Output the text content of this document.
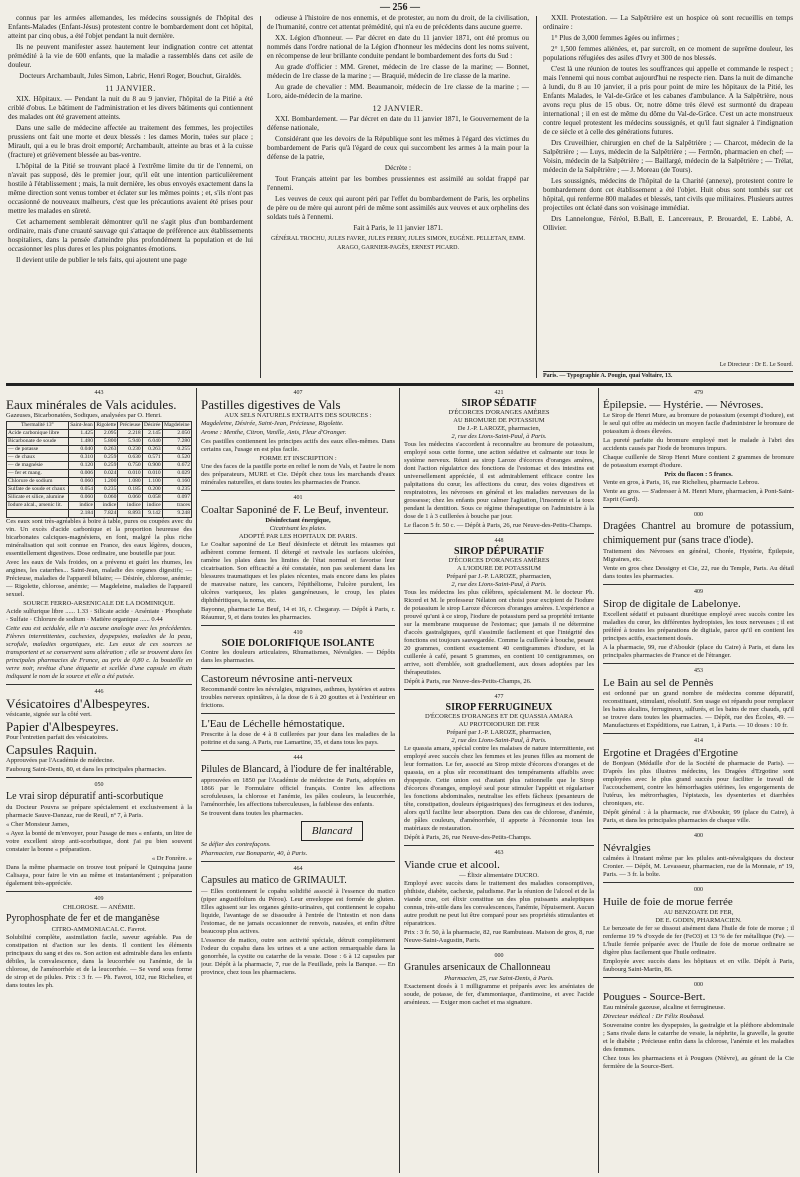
— 256 —

connus par les armées allemandes, les médecins soussignés de l'hôpital des Enfants-Malades (Enfant-Jésus) protestent contre le bombardement dont cet hôpital, atteint par cinq obus, a été l'objet pendant la nuit dernière.

Ils ne peuvent manifester assez hautement leur indignation contre cet attentat prémédité à la vie de 600 enfants, que la maladie a rassemblés dans cet asile de douleur.

Docteurs Archambault, Jules Simon, Labric, Henri Roger, Bouchut, Giraldès.

11 JANVIER.

XIX. Hôpitaux. — Pendant la nuit du 8 au 9 janvier, l'hôpital de la Pitié a été criblé d'obus. Le bâtiment de l'administration et les divers bâtiments qui contiennent des malades ont été gravement atteints.

Dans une salle de médecine affectée au traitement des femmes, les projectiles prussiens ont fait une morte et deux blessés : les dames Morin, tuées sur place ; Mirault, qui a eu le bras droit emporté; Archambault, atteinte au bras et à la cuisse (fracture) et grièvement blessée au bas-ventre.

L'hôpital de la Pitié se trouvant placé à l'extrême limite du tir de l'ennemi, on n'avait pas supposé, dès le premier jour, qu'il eût une intention particulièrement hostile à l'établissement ; mais, la nuit dernière, les obus envoyés exactement dans la même direction sont venus tomber et éclater sur les mêmes points ; et, s'ils n'ont pas occasionné de nouveaux malheurs, c'est que les précautions avaient été prises pour mettre les malades en sûreté.

Cet acharnement semblerait démontrer qu'il ne s'agit plus d'un bombardement ordinaire, mais d'une cruauté sauvage qui s'attaque de préférence aux établissements hospitaliers, dans la pensée d'atteindre plus profondément la population et de lui occasionner les plus dures et les plus poignantes émotions.

Il devient utile de publier le tels faits, qui ajoutent une page

odieuse à l'histoire de nos ennemis, et de protester, au nom du droit, de la civilisation, de l'humanité, contre cet attentat prémédité, qui n'a eu de précédents dans aucune guerre.

XX. Légion d'honneur. — Par décret en date du 11 janvier 1871, ont été promus ou nommés dans l'ordre national de la Légion d'honneur les médecins dont les noms suivent, en récompense de leur brillante conduite pendant le bombardement des forts du Sud :

Au grade d'officier : MM. Grenet, médecin de 1re classe de la marine; — Bonnet, médecin de 1re classe de la marine ; — Braquié, médecin de 1re classe de la marine.

Au grade de chevalier : MM. Beaumanoir, médecin de 1re classe de la marine ; — Loro, aide-médecin de la marine.

12 JANVIER.

XXI. Bombardement. — Par décret en date du 11 janvier 1871, le Gouvernement de la défense nationale,

Considérant que les devoirs de la République sont les mêmes à l'égard des victimes du bombardement de Paris qu'à l'égard de ceux qui succombent les armes à la main pour la défense de la patrie,

Décrète :

Tout Français atteint par les bombes prussiennes est assimilé au soldat frappé par l'ennemi.

Les veuves de ceux qui auront péri par l'effet du bombardement de Paris, les orphelins de père ou de mère qui auront péri de même sont assimilés aux veuves et aux orphelins des soldats tués à l'ennemi.

Fait à Paris, le 11 janvier 1871.

GÉNÉRAL TROCHU, JULES FAVRE, JULES FERRY, JULES SIMON, EUGÈNE. PELLETAN, EMM. ARAGO, GARNIER-PAGÈS, ERNEST PICARD.

XXII. Protestation. — La Salpêtrière est un hospice où sont recueillis en temps ordinaire :

1° Plus de 3,000 femmes âgées ou infirmes ;

2° 1,500 femmes aliénées, et, par surcroît, en ce moment de suprême douleur, les populations réfugiées des asiles d'Ivry et 300 de nos blessés.

C'est là une réunion de toutes les souffrances qui appelle et commande le respect ; mais l'ennemi qui nous combat aujourd'hui ne respecte rien. Dans la nuit de dimanche à lundi, du 8 au 10 janvier, il a pris pour point de mire les hôpitaux de la Pitié, les Enfants Malades, le Val-de-Grâce et les cabanes d'ambulance. A la Salpêtrière, nous avons reçu plus de 15 obus. Or, notre dôme très élevé est surmonté du drapeau international ; il en est de même du dôme du Val-de-Grâce. C'est un acte monstrueux contre lequel protestent les médecins soussignés, et qu'il faut signaler à l'indignation de ce siècle et à celle des générations futures.

Drs Cruveilhier, chirurgien en chef de la Salpêtrière ; — Charcot, médecin de la Salpêtrière ; — Luys, médecin de la Salpêtrière ; — Fermôn, pharmacien en chef; — Voisin, médecin de la Salpêtrière ; — Baillargé, médecin de la Salpêtrière ; — Trélat, médecin de la Salpêtrière ; — J. Moreau (de Tours).

Les soussignés, médecins de l'hôpital de la Charité (annexe), protestent contre le bombardement dont cet établissement a été l'objet. Huit obus sont tombés sur cet hôpital, qui renferme 800 malades et blessés, tant civils que militaires. Plusieurs autres projectiles ont éclaté dans son voisinage immédiat.

Drs Lannelongue, Féréol, B.Ball, E. Lancereaux, P. Brouardel, E. Labbé, A. Ollivier.

Le Directeur : Dr E. Le Sourd.
Paris. — Typographie A. Pougin, quai Voltaire, 13.
443
Eaux minérales de Vals acidules.

Gazeuses, Bicarbonatées, Sodiques, analysées par O. Henri.

Thermalité 13°	Saint-Jean	Rigolette	Précieuse	Désirée	Magdeleine
Acide carbonique libre	1.425	2.095	2.218	2.145	2.050
Bicarbonate de soude	1.480	5.800	5.940	6.040	7.280
— de potasse	0.040	0.263	0.230	0.263	0.255
— de chaux	0.310	0.259	0.630	0.571	0.520
— de magnésie	0.120	0.259	0.750	0.900	0.672
— fer et mang.	0.006	0.024	0.010	0.010	0.029
Chlorure de sodium	0.060	1.200	1.080	1.100	0.160
Sulfate de soude et chaux	0.054	0.235	0.185	0.200	0.235
Silicate et silice, alumine	0.060	0.060	0.060	0.058	0.097
Iodure alcal., arsenic lit.	indice	indice	indice	indice	traces
	2.184	7.824	8.893	9.142	9.248

Ces eaux sont très-agréables à boire à table, pures ou coupées avec du vin. Un excès d'acide carbonique et la proportion heureuse des bicarbonates calciques-magnésiens, en font, malgré la plus riche minéralisation qui soit connue en France, des eaux légères, douces, essentiellement digestives. Dose ordinaire, une bouteille par jour.

Avec les eaux de Vals froides, on a prévenu et guéri les rhumes, les angines, les catarrhes... Saint-Jean, maladie des organes digestifs; — Précieuse, maladies de l'appareil biliaire; — Désirée, chlorose, anémie; — Rigolette, chlorose, anémie; — Magdeleine, maladies de l'appareil sexuel.

SOURCE FERRO-ARSENICALE DE LA DOMINIQUE.

Acide sulfurique libre ...... 1.33 · Silicate acide · Arséniate · Phosphate · Sulfate · Chlorure de sodium · Matière organique ...... 0.44

Cette eau est acidulée, elle n'a aucune analogie avec les précédentes. Fièvres intermittentes, cachexies, dyspepsies, maladies de la peau, scrofule, maladies organiques, etc. Les eaux de ces sources se transportent et se conservent sans altération ; elle se trouvent dans les principales pharmacies de France, au prix de 0,80 c. la bouteille en verre noir, revêtue d'une étiquette et scellée d'une capsule en étain indiquant le nom de la source et elle a été puisée.

446
Vésicatoires d'Albespeyres.

vésicante, signée sur la côté vert.

Papier d'Albespeyres.

Pour l'entretien parfait des vésicatoires.

Capsules Raquin.

Approuvées par l'Académie de médecine.

Faubourg Saint-Denis, 80, et dans les principales pharmacies.

050
Le vrai sirop dépuratif anti-scorbutique

du Docteur Pouvra se prépare spécialement et exclusivement à la pharmacie Sauve-Danzaz, rue de Reuil, nº 7, à Paris.

« Cher Monsieur James,

« Ayez la bonté de m'envoyer, pour l'usage de mes « enfants, un litre de votre excellent sirop anti-scorbutique, dont j'ai pu bien souvent constater la bonne « préparation.

« Dr Fonrère. »

Dans la même pharmacie on trouve tout préparé le Quinquina jaune Calisaya, pour faire le vin au même et instantanément ; préparation également très-appréciée.

409
CHLOROSE. — ANÉMIE.
Pyrophosphate de fer et de manganèse
CITRO-AMMONIACAL C. Favrot.

Solubilité complète, assimilation facile, saveur agréable. Pas de constipation ni d'action sur les dents. Il contient les éléments principaux du sang et des os. Son action est admirable dans les enfants débiles, la convalescence, dans la leucorrhée ou l'anémie, de la chlorose, de l'aménorrhée et de la leucorrhée. — Se vend sous forme de sirop et de pilules. Prix : 3 fr. — Ph. Favrot, 102, rue Richelieu, et dans toutes les ph.

407
Pastilles digestives de Vals
AUX SELS NATURELS EXTRAITS DES SOURCES :

Magdeleine, Désirée, Saint-Jean, Précieuse, Rigolette.

Arome : Menthe, Citron, Vanille, Anis, Fleur d'Oranger.

Ces pastilles contiennent les principes actifs des eaux elles-mêmes. Dans certains cas, l'usage en est plus facile.

FORME ET INSCRIPTION :

Une des faces de la pastille porte en relief le nom de Vals, et l'autre le nom des préparateurs, MURE et Cie. Dépôt chez tous les marchands d'eaux minérales naturelles, et dans toutes les pharmacies de France.

401
Coaltar Saponiné de F. Le Beuf, inventeur.
Désinfectant énergique,
Cicatrisant les plaies.
ADOPTÉ PAR LES HOPITAUX DE PARIS.

Le Coaltar saponiné de Le Beuf désinfecte et détruit les miasmes qui adhèrent comme ferment. Il détergé et ravivale les surfaces ulcérées, ramène les plaies dans les limites de l'état normal et favorise leur cicatrisation. Son efficacité a été constatée, non pas seulement dans les blessures traumatiques et les plaies récentes, mais encore dans les plaies de mauvaise nature, les cancers, l'épithéliome, l'ulcère purulent, les ulcères variqueux, les plaies gangréneuses, le croup, les plaies diphthéritiques, la noma, etc.

Bayonne, pharmacie Le Beuf, 14 et 16, r. Chegaray. — Dépôt à Paris, r. Réaumur, 9, et dans toutes les pharmacies.

410
SOIE DOLORIFIQUE ISOLANTE

Contre les douleurs articulaires, Rhumatismes, Névralgies. — Dépôts dans les pharmacies.

Castoreum névrosine anti-nerveux

Recommandé contre les névralgies, migraines, asthmes, hystéries et autres troubles nerveux opiniâtres, à la dose de 6 à 20 gouttes et à l'extérieur en frictions.

L'Eau de Léchelle hémostatique.

Prescrite à la dose de 4 à 8 cuillerées par jour dans les maladies de la poitrine et du sang. A Paris, rue Lamartine, 35, et dans tous les pays.

444
Pilules de Blancard, à l'iodure de fer inaltérable,

approuvées en 1850 par l'Académie de médecine de Paris, adoptées en 1866 par le Formulaire officiel français. Contre les affections scrofuleuses, la chlorose et l'anémie, les pâles couleurs, la leucorrhée, l'aménorrhée, les affections tuberculeuses, la faiblesse des enfants.

Se trouvent dans toutes les pharmacies.

Blancard

Se défier des contrefaçons.

Pharmacien, rue Bonaparte, 40, à Paris.

464
Capsules au matico de GRIMAULT.

— Elles contiennent le copahu solidifié associé à l'essence du matico (piper angustifolium du Pérou). Leur enveloppe est formée de gluten. Elles agissent sur les organes génito-urinaires, qui contiennent le copahu liquide, l'avantage de se dissoudre à l'entrée de l'intestin et non dans l'estomac, de ne jamais occasionner de renvois, nausées, et enfin d'être beaucoup plus actives.

L'essence de matico, outre son activité spéciale, détruit complètement l'odeur du copahu dans les urines et a une action remarquable dans la gonorrhée, la cystite ou catarrhe de la vessie. Dose : 6 à 12 capsules par jour. Dépôt à la pharmacie, 7, rue de la Feuillade, près la Banque. — En province, chez tous les pharmaciens.

421
SIROP SÉDATIF
D'ÉCORCES D'ORANGES AMÈRES
AU BROMURE DE POTASSIUM
De J.-P. LAROZE, pharmacien,
2, rue des Lions-Saint-Paul, à Paris.

Tous les médecins s'accordent à reconnaître au bromure de potassium, employé sous cette forme, une action sédative et calmante sur tous le système nerveux. Réuni au sirop Laroze d'écorces d'oranges amères, dont l'action régulatrice des fonctions de l'estomac et des intestins est universellement appréciée, il est admirablement efficace contre les palpitations du cœur, les affections du cœur, des voies digestives et respiratoires, les névroses en général et les maladies nerveuses de la grossesse; chez les enfants pour calmer l'agitation, l'insomnie et la toux pendant la dentition. Sous ce régime thérapeutique on l'administre à la dose de 1 à 3 cuillerées à bouche par jour.

Le flacon 5 fr. 50 c. — Dépôt à Paris, 26, rue Neuve-des-Petits-Champs.

448
SIROP DÉPURATIF
D'ÉCORCES D'ORANGES AMÈRES
A L'IODURE DE POTASSIUM
Préparé par J.-P. LAROZE, pharmacien,
2, rue des Lions-Saint-Paul, à Paris.

Tous les médecins les plus célèbres, spécialement M. le docteur Ph. Ricord et M. le professeur Nélaton ont choisi pour excipient de l'iodure de potassium le sirop Laroze d'écorces d'oranges amères. L'expérience a prouvé qu'uni à ce sirop, l'iodure de potassium perd sa propriété irritante sur la membrane muqueuse de l'estomac; que jamais il ne détermine d'accès gastralgiques, qu'il s'assimile facilement et que l'intégrité des fonctions est toujours sauvegardée. Comme la cuillerée à bouche, pesant 20 grammes, contient exactement 40 centigrammes d'iodure, et la cuillerée à café, pesant 5 grammes, en contient 10 centigrammes, on arrive, soit d'emblée, soit graduellement, aux doses adoptées par les thérapeutistes.

Dépôt à Paris, rue Neuve-des-Petits-Champs, 26.

477
SIROP FERRUGINEUX
D'ÉCORCES D'ORANGES ET DE QUASSIA AMARA
AU PROTOIODURE DE FER
Préparé par J.-P. LAROZE, pharmacien,
2, rue des Lions-Saint-Paul, à Paris.

Le quassia amara, spécial contre les malaises de nature intermittente, est employé avec succès chez les femmes et les jeunes filles au moment de leur formation. Le fer, associé au Sirop mixte d'écorces d'oranges et de quassia, en a plus sûr reconstituant des tempéraments affaiblis avec dyspepsie. Cette union est d'autant plus rationnelle que le Sirop d'écorces d'oranges, employé seul pour stimuler l'appétit et régulariser les fonctions abdominales, neutralise les effets fâcheux (pesanteurs de tête, constipation, douleurs épigastriques) des ferrugineux et des iodures, alors qu'il facilite leur absorption. Dans des cas de chlorose, d'anémie, de pâles couleurs, d'aménorrhée, il apporte à l'économie tous les matériaux de restauration.

Dépôt à Paris, 26, rue Neuve-des-Petits-Champs.

463
Viande crue et alcool.
— Élixir alimentaire DUCRO.

Employé avec succès dans le traitement des maladies consomptives, phthisie, diabète, cachexie, paludisme. Par la réunion de l'alcool et de la viande crue, cet élixir constitue un des plus puissants analeptiques connus, très-utile dans les convalescences, l'anémie, l'épuisement. Aucun autre produit ne peut lui être comparé pour ses propriétés stimulantes et réparatrices.

Prix : 3 fr. 50, à la pharmacie, 82, rue Rambuteau. Maison de gros, 8, rue Neuve-Saint-Augustin, Paris.

000
Granules arsenicaux de Challonneau
Pharmacien, 25, rue Saint-Denis, à Paris.

Exactement dosés à 1 milligramme et préparés avec les arséniates de soude, de potasse, de fer, d'ammoniaque, d'antimoine, et avec l'acide arsénieux. — Exiger mon cachet et ma signature.

479
Épilepsie. — Hystérie. — Névroses.

Le Sirop de Henri Mure, au bromure de potassium (exempt d'iodure), est le seul qui offre au médecin un moyen facile d'administrer le bromure de potassium à doses élevées.

La pureté parfaite du bromure employé met le malade à l'abri des accidents causés par l'iode de bromures impurs.

Chaque cuillerée de Sirop Henri Mure contient 2 grammes de bromure de potassium exempt d'iodure.

Prix du flacon : 5 francs.

Vente en gros, à Paris, 16, rue Richelieu, pharmacie Lebrou.

Vente au gros. — S'adresser à M. Henri Mure, pharmacien, à Pont-Saint-Esprit (Gard).

000
Dragées Chantrel au bromure de potassium, chimiquement pur (sans trace d'iode).

Traitement des Névroses en général, Chorée, Hystérie, Épilepsie, Migraines, etc.

Vente en gros chez Dessigny et Cie, 22, rue du Temple, Paris. Au détail dans toutes les pharmacies.

409
Sirop de digitale de Labelonye.

Excellent sédatif et puissant diurétique employé avec succès contre les maladies du cœur, les différentes hydropisies, les toux nerveuses ; il est préféré à toutes les préparations de digitale, parce qu'il en contient les principes actifs, exactement dosés.

A la pharmacie, 99, rue d'Aboukir (place du Caire) à Paris, et dans les principales pharmacies de France et de l'étranger.

453
Le Bain au sel de Pennès

est ordonné par un grand nombre de médecins comme dépuratif, reconstituant, stimulant, résolutif. Son usage est répandu pour remplacer les bains alcalins, ferrugineux, sulfurés, et les bains de mer chauds, qu'il se trouve dans toutes les pharmacies. — Dépôt, rue des Écoles, 49. — Manufactures et Expéditions, rue Latran, 1, à Paris. — 10 doses : 10 fr.

414
Ergotine et Dragées d'Ergotine

de Bonjean (Médaille d'or de la Société de pharmacie de Paris). — D'après les plus illustres médecins, les Dragées d'Ergotine sont employées avec le plus grand succès pour faciliter le travail de l'accouchement, contre les hémorrhagies utérines, les engorgements de l'utérus, les métrorrhagies, l'épistaxis, les dysenteries et diarrhées chroniques, etc.

Dépôt général : à la pharmacie, rue d'Aboukir, 99 (place du Caire), à Paris, et dans les principales pharmacies de chaque ville.

400
Névralgies

calmées à l'instant même par les pilules anti-névralgiques du docteur Cronier. — Dépôt, M. Levasseur, pharmacien, rue de la Monnaie, nº 19, Paris. — 3 fr. la boîte.

000
Huile de foie de morue ferrée
AU BENZOATE DE FER,
DE E. GODIN, PHARMACIEN.

Le benzoate de fer se dissout aisément dans l'huile de foie de morue ; il renferme 19 % d'oxyde de fer (FeO3) et 13 % de fer métallique (Fe). — L'huile ferrée préparée avec de l'huile de foie de morue ordinaire se digère plus facilement que l'huile ordinaire.

Employée avec succès dans les hôpitaux et en ville. Dépôt à Paris, faubourg Saint-Martin, 86.

000
Pougues - Source-Bert.

Eau minérale gazeuse, alcaline et ferrugineuse.

Directeur médical : Dr Félix Roubaud.

Souveraine contre les dyspepsies, la gastralgie et la pléthore abdominale ; Sans rivale dans le catarrhe de vessie, la néphrite, la gravelle, la goutte et le diabète ; Précieuse enfin dans la chlorose, l'anémie et les maladies des femmes.

Chez tous les pharmaciens et à Pougues (Nièvre), au gérant de la Cie fermière de la Source-Bert.
